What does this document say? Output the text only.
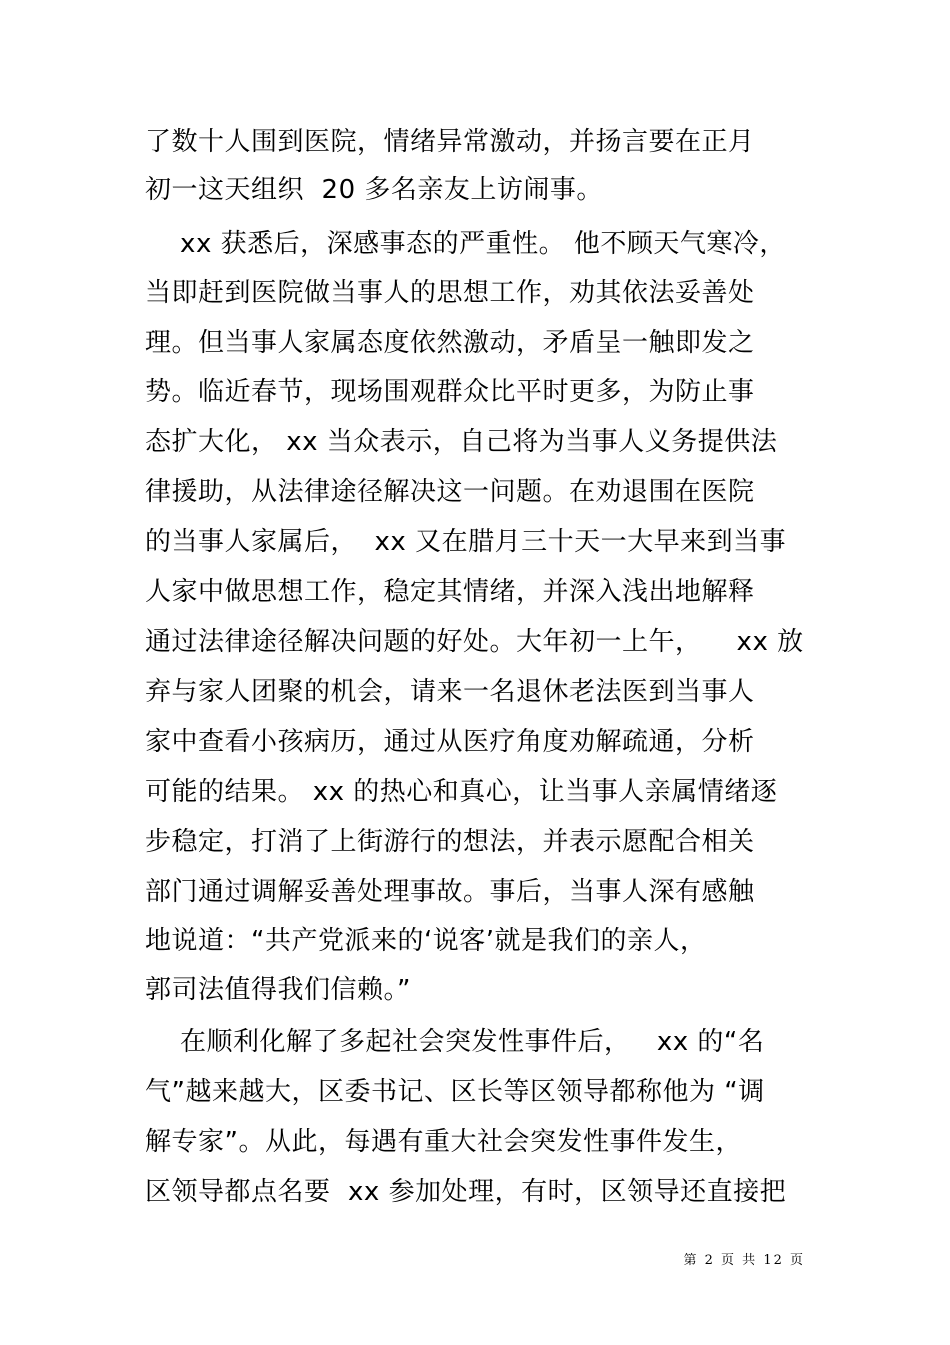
了数十人围到医院，情绪异常激动，并扬言要在正月
初一这天组织  20 多名亲友上访闹事。
xx 获悉后，深感事态的严重性。 他不顾天气寒冷，
当即赶到医院做当事人的思想工作，劝其依法妥善处
理。但当事人家属态度依然激动，矛盾呈一触即发之
势。临近春节，现场围观群众比平时更多，为防止事
态扩大化， xx 当众表示，自己将为当事人义务提供法
律援助，从法律途径解决这一问题。在劝退围在医院
的当事人家属后，  xx 又在腊月三十天一大早来到当事
人家中做思想工作，稳定其情绪，并深入浅出地解释
通过法律途径解决问题的好处。大年初一上午，    xx 放
弃与家人团聚的机会，请来一名退休老法医到当事人
家中查看小孩病历，通过从医疗角度劝解疏通，分析
可能的结果。 xx 的热心和真心，让当事人亲属情绪逐
步稳定，打消了上街游行的想法，并表示愿配合相关
部门通过调解妥善处理事故。事后，当事人深有感触
地说道：“共产党派来的‘说客’就是我们的亲人，
郭司法值得我们信赖。”
在顺利化解了多起社会突发性事件后，   xx 的“名
气”越来越大，区委书记、区长等区领导都称他为 “调
解专家”。从此，每遇有重大社会突发性事件发生，
区领导都点名要  xx 参加处理，有时，区领导还直接把
第 2 页 共 12 页
